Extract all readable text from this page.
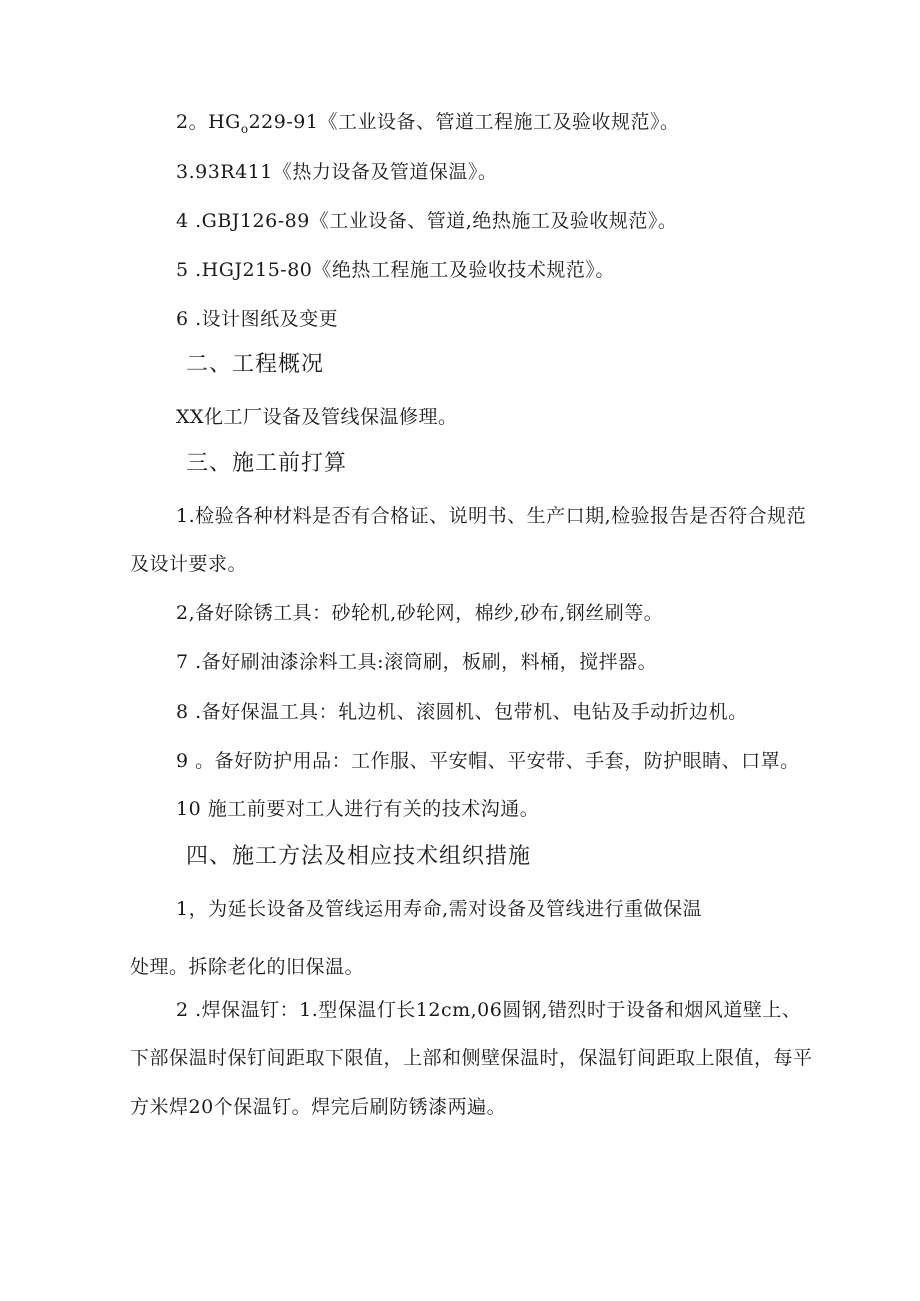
2。$HG_o229-91$《工业设备、管道工程施工及验收规范》。
3.93R411《热力设备及管道保温》。
4 .GBJ126-89《工业设备、管道,绝热施工及验收规范》。
5 .HGJ215-80《绝热工程施工及验收技术规范》。
6 .设计图纸及变更
二、工程概况
XX化工厂设备及管线保温修理。
三、施工前打算
1.检验各种材料是否有合格证、说明书、生产口期,检验报告是否符合规范
及设计要求。
2,备好除锈工具：砂轮机,砂轮网，棉纱,砂布,钢丝刷等。
7 .备好刷油漆涂料工具:滚筒刷，板刷，料桶，搅拌器。
8 .备好保温工具：轧边机、滚圆机、包带机、电钻及手动折边机。
9 。备好防护用品：工作服、平安帽、平安带、手套，防护眼睛、口罩。
10 施工前要对工人进行有关的技术沟通。
四、施工方法及相应技术组织措施
1，为延长设备及管线运用寿命,需对设备及管线进行重做保温
处理。拆除老化的旧保温。
2 .焊保温钉：1.型保温仃长12cm,06圆钢,错烈时于设备和烟风道壁上、
下部保温时保钉间距取下限值，上部和侧壁保温时，保温钉间距取上限值，每平
方米焊20个保温钉。焊完后刷防锈漆两遍。
